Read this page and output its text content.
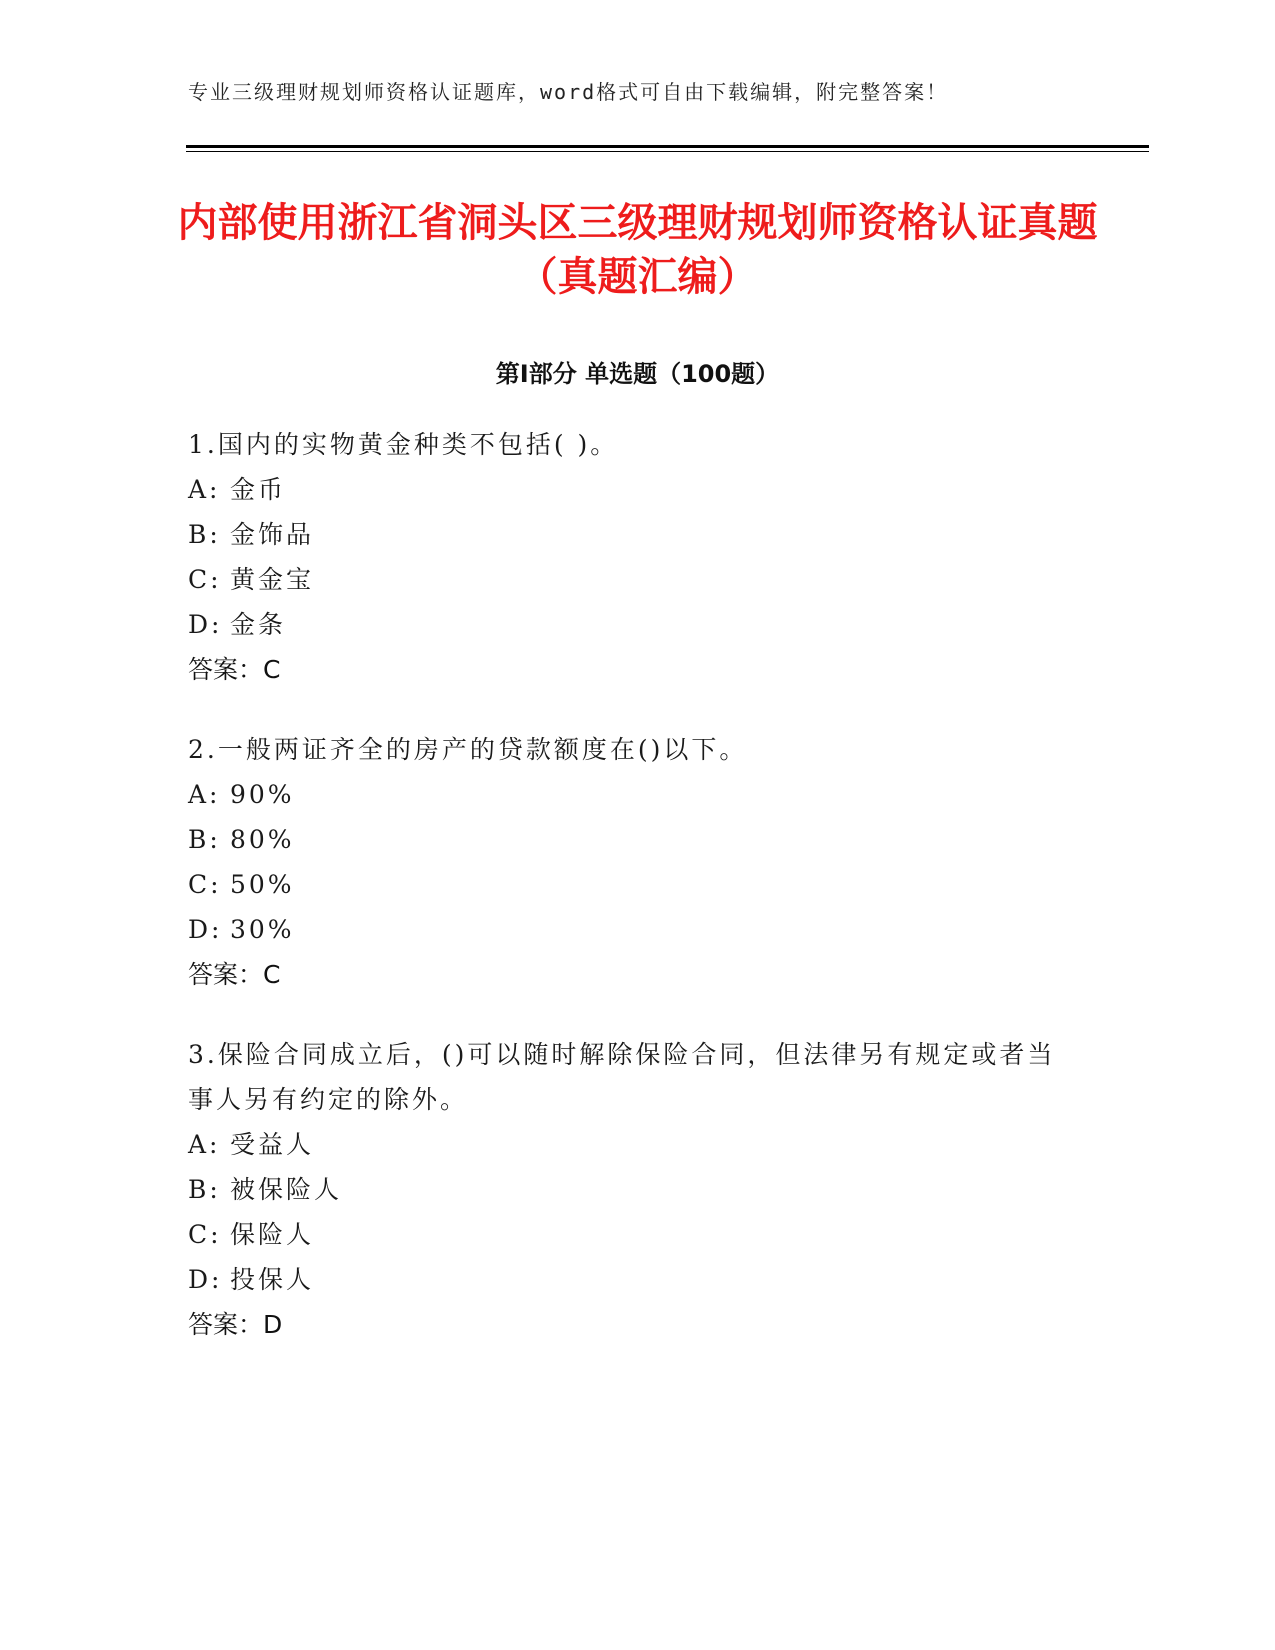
专业三级理财规划师资格认证题库，word格式可自由下载编辑，附完整答案！
内部使用浙江省洞头区三级理财规划师资格认证真题（真题汇编）
第Ⅰ部分 单选题（100题）
1.国内的实物黄金种类不包括( )。
A: 金币
B: 金饰品
C: 黄金宝
D: 金条
答案：C
2.一般两证齐全的房产的贷款额度在()以下。
A: 90%
B: 80%
C: 50%
D: 30%
答案：C
3.保险合同成立后，()可以随时解除保险合同，但法律另有规定或者当事人另有约定的除外。
A: 受益人
B: 被保险人
C: 保险人
D: 投保人
答案：D
